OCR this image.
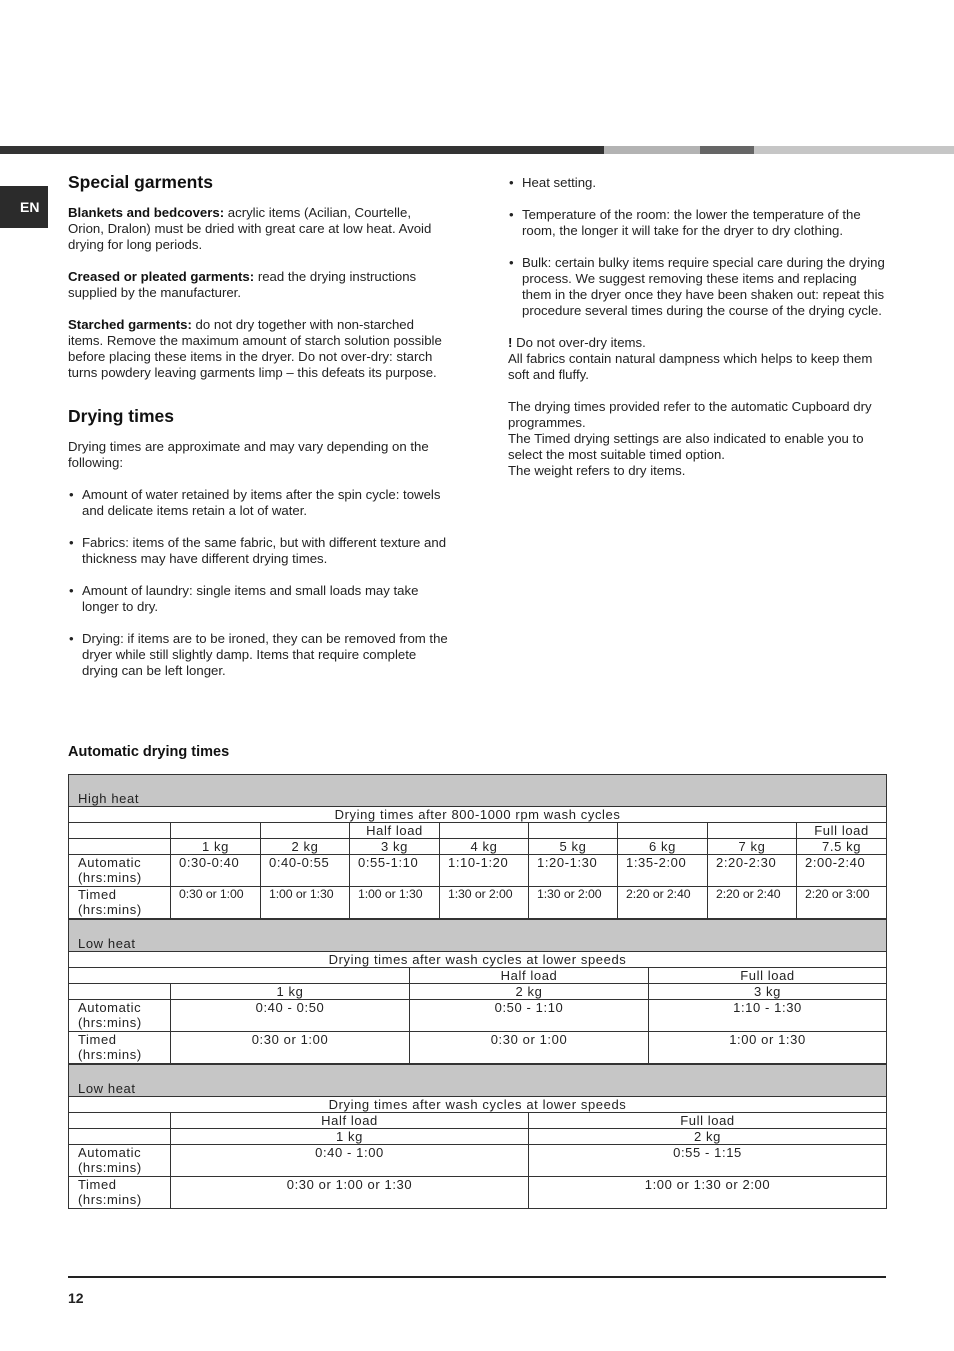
EN
Special garments

Blankets and bedcovers: acrylic items (Acilian, Courtelle, Orion, Dralon) must be dried with great care at low heat. Avoid drying for long periods.

Creased or pleated garments: read the drying instructions supplied by the manufacturer.

Starched garments: do not dry together with non-starched items. Remove the maximum amount of starch solution possible before placing these items in the dryer. Do not over-dry: starch turns powdery leaving garments limp – this defeats its purpose.

Drying times

Drying times are approximate and may vary depending on the following:

• Amount of water retained by items after the spin cycle: towels and delicate items retain a lot of water.
• Fabrics: items of the same fabric, but with different texture and thickness may have different drying times.
• Amount of laundry: single items and small loads may take longer to dry.
• Drying: if items are to be ironed, they can be removed from the dryer while still slightly damp. Items that require complete drying can be left longer.
• Heat setting.
• Temperature of the room: the lower the temperature of the room, the longer it will take for the dryer to dry clothing.
• Bulk: certain bulky items require special care during the drying process. We suggest removing these items and replacing them in the dryer once they have been shaken out: repeat this procedure several times during the course of the drying cycle.

! Do not over-dry items.
All fabrics contain natural dampness which helps to keep them soft and fluffy.

The drying times provided refer to the automatic Cupboard dry programmes.
The Timed drying settings are also indicated to enable you to select the most suitable timed option.
The weight refers to dry items.

Automatic drying times
High heat								
Drying times after 800-1000 rpm wash cycles								
			Half load					Full load
	1 kg	2 kg	3 kg	4 kg	5 kg	6 kg	7 kg	7.5 kg
Automatic
(hrs:mins)	0:30-0:40	0:40-0:55	0:55-1:10	1:10-1:20	1:20-1:30	1:35-2:00	2:20-2:30	2:00-2:40
Timed
(hrs:mins)	0:30 or 1:00	1:00 or 1:30	1:00 or 1:30	1:30 or 2:00	1:30 or 2:00	2:20 or 2:40	2:20 or 2:40	2:20 or 3:00
Low heat			
Drying times after wash cycles at lower speeds			
		Half load	Full load
	1 kg	2 kg	3 kg
Automatic
(hrs:mins)	0:40 - 0:50	0:50 - 1:10	1:10 - 1:30
Timed
(hrs:mins)	0:30 or 1:00	0:30 or 1:00	1:00 or 1:30
Low heat		
Drying times after wash cycles at lower speeds		
	Half load	Full load
	1 kg	2 kg
Automatic
(hrs:mins)	0:40 - 1:00	0:55 - 1:15
Timed
(hrs:mins)	0:30 or 1:00 or 1:30	1:00 or 1:30 or 2:00
12
